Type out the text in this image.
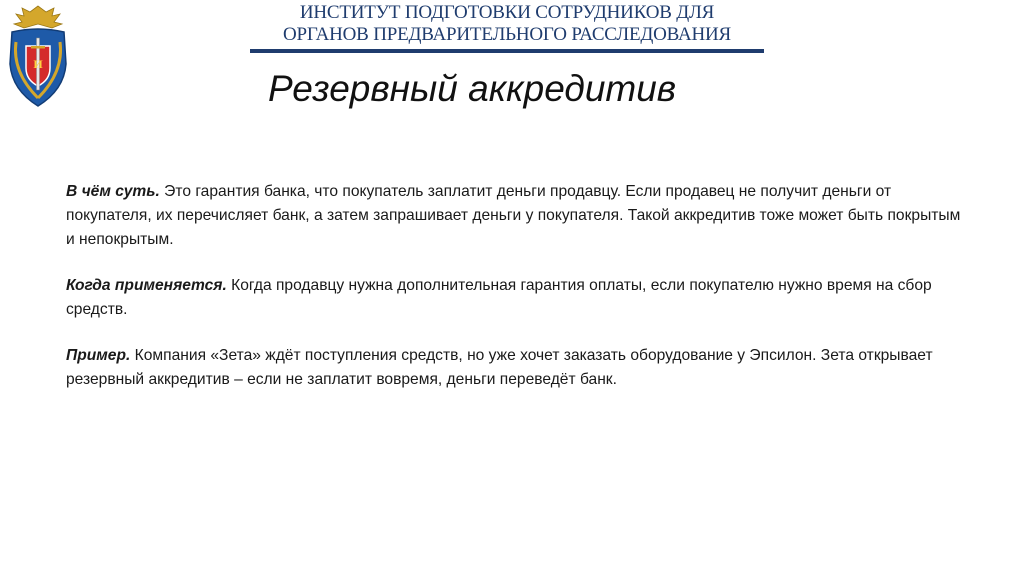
И
ИНСТИТУТ ПОДГОТОВКИ СОТРУДНИКОВ ДЛЯ
ОРГАНОВ ПРЕДВАРИТЕЛЬНОГО РАССЛЕДОВАНИЯ
Резервный аккредитив

В чём суть. Это гарантия банка, что покупатель заплатит деньги продавцу. Если продавец не получит деньги от покупателя, их перечисляет банк, а затем запрашивает деньги у покупателя. Такой аккредитив тоже может быть покрытым и непокрытым.

Когда применяется. Когда продавцу нужна дополнительная гарантия оплаты, если покупателю нужно время на сбор средств.

Пример. Компания «Зета» ждёт поступления средств, но уже хочет заказать оборудование у Эпсилон. Зета открывает резервный аккредитив – если не заплатит вовремя, деньги переведёт банк.
